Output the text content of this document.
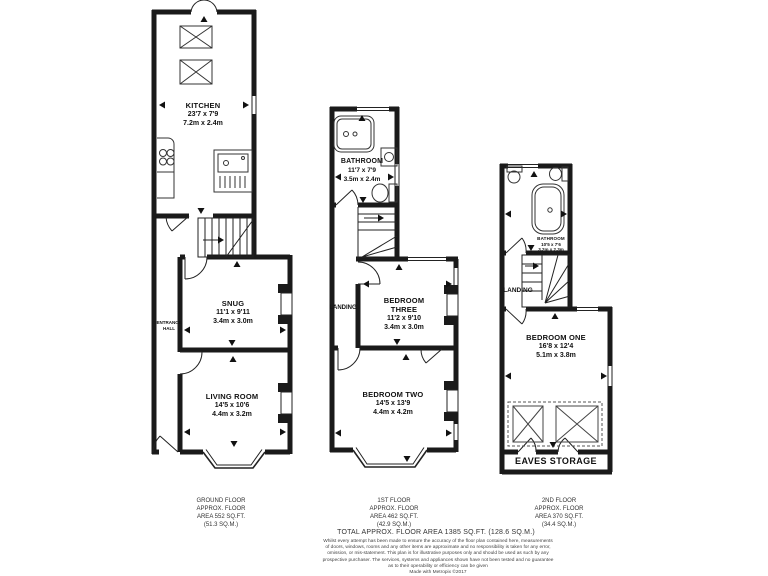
KITCHEN
23'7 x 7'9
7.2m x 2.4m
SNUG
11'1 x 9'11
3.4m x 3.0m
ENTRANCE HALL
LIVING ROOM
14'5 x 10'6
4.4m x 3.2m
BATHROOM
11'7 x 7'9
3.5m x 2.4m
LANDING
BEDROOM THREE
11'2 x 9'10
3.4m x 3.0m
BEDROOM TWO
14'5 x 13'9
4.4m x 4.2m
BATHROOM
10'5 x 7'6
3.2m x 2.3m
LANDING
BEDROOM ONE
16'8 x 12'4
5.1m x 3.8m
EAVES STORAGE
GROUND FLOOR
APPROX. FLOOR
AREA 552 SQ.FT.
(51.3 SQ.M.)
1ST FLOOR
APPROX. FLOOR
AREA 462 SQ.FT.
(42.9 SQ.M.)
2ND FLOOR
APPROX. FLOOR
AREA 370 SQ.FT.
(34.4 SQ.M.)
TOTAL APPROX. FLOOR AREA 1385 SQ.FT. (128.6 SQ.M.)
Whilst every attempt has been made to ensure the accuracy of the floor plan contained here, measurements
of doors, windows, rooms and any other items are approximate and no responsibility is taken for any error,
omission, or mis-statement. This plan is for illustrative purposes only and should be used as such by any
prospective purchaser. The services, systems and appliances shown have not been tested and no guarantee
as to their operability or efficiency can be given
Made with Metropix ©2017
